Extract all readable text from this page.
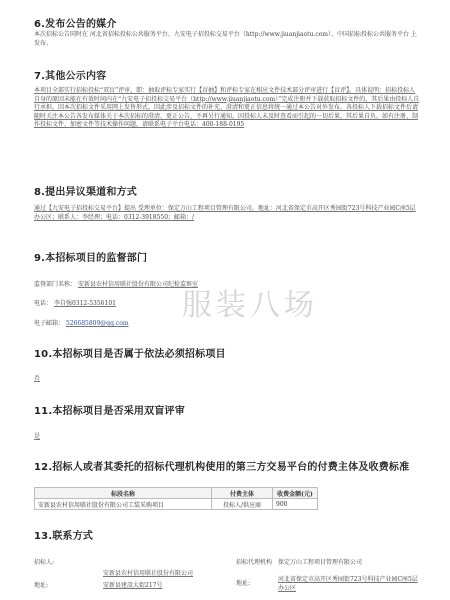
6.发布公告的媒介
本次招标公告同时在 河北省招标投标公共服务平台、九安电子招投标交易平台（http://www.jiuanjiaotu.com）、中国招标投标公共服务平台 上发布。
7.其他公示内容
本项目全部实行招标投标“双盲”评审，即：抽取评标专家实行【盲抽】和评标专家在相应文件技术部分评审进行【盲评】。具体说明：招标投标人自身的原因未能在有效时间内在“九安电子招投标交易平台（http://www.jiuanjiaotu.com）”完成注册并下载获取招标文件的，其后果由投标人自行承担。因本次招标文件采用网上发售形式，因此涉及招标文件的补充、澄清和更正信息将统一通过本公告对外发布。各投标人下载招标文件后请随时关注本公告各发布媒体关于本次招标的澄清、更正公告，不再另行通知。因投标人未及时查看而引起的一切后果，其后果自负。如有注册、制作投标文件、加密文件等技术操作问题，请联系电子平台电话：400-188-0195
8.提出异议渠道和方式
通过【九安电子招投标交易平台】提出 受理单位：保定万山工程项目管理有限公司。地址：河北省保定市高开区秀园街723号科技产业园C座5层办公区；联系人：李经理；电话：0312-3918550；邮箱：/
9.本招标项目的监督部门
监督部门名称： 安新县农村信用联社股份有限公司纪检监察室
电话： 李自强0312-5356101
电子邮箱： 526685809@qq.com
服装八场
10.本招标项目是否属于依法必须招标项目
否
11.本招标项目是否采用双盲评审
是
12.招标人或者其委托的招标代理机构使用的第三方交易平台的付费主体及收费标准
标段名称	付费主体	收费金额(元)
安新县农村信用联社股份有限公司工装采购项目	投标人/供应商	900
13.联系方式
招标人:
安新县农村信用联社股份有限公司
地址:	安新县建設大街217号
招标代理机构 保定万山工程项目管理有限公司
地址:
河北省保定市高开区秀园街723号科技产业园C座5层办公区
